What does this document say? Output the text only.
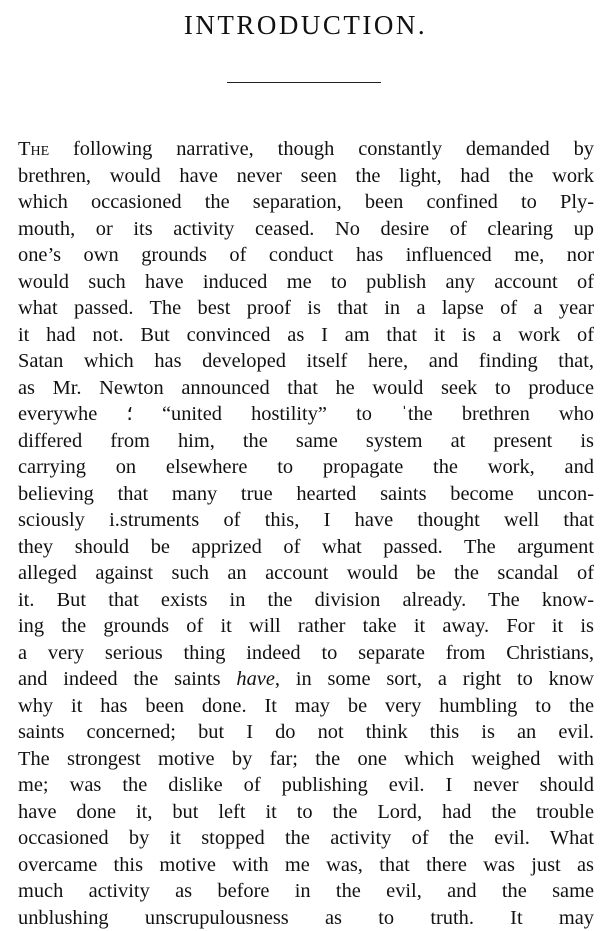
INTRODUCTION.
The following narrative, though constantly demanded by
brethren, would have never seen the light, had the work
which occasioned the separation, been confined to Ply-
mouth, or its activity ceased. No desire of clearing up
one’s own grounds of conduct has influenced me, nor
would such have induced me to publish any account of
what passed. The best proof is that in a lapse of a year
it had not. But convinced as I am that it is a work of
Satan which has developed itself here, and finding that,
as Mr. Newton announced that he would seek to produce
everywhe ؛ “united hostility” to ˈthe brethren who
differed from him, the same system at present is
carrying on elsewhere to propagate the work, and
believing that many true hearted saints become uncon-
sciously i.struments of this, I have thought well that
they should be apprized of what passed. The argument
alleged against such an account would be the scandal of
it. But that exists in the division already. The know-
ing the grounds of it will rather take it away. For it is
a very serious thing indeed to separate from Christians,
and indeed the saints have, in some sort, a right to know
why it has been done. It may be very humbling to the
saints concerned; but I do not think this is an evil.
The strongest motive by far; the one which weighed with
me; was the dislike of publishing evil. I never should
have done it, but left it to the Lord, had the trouble
occasioned by it stopped the activity of the evil. What
overcame this motive with me was, that there was just as
much activity as before in the evil, and the same
unblushing unscrupulousness as to truth. It may
